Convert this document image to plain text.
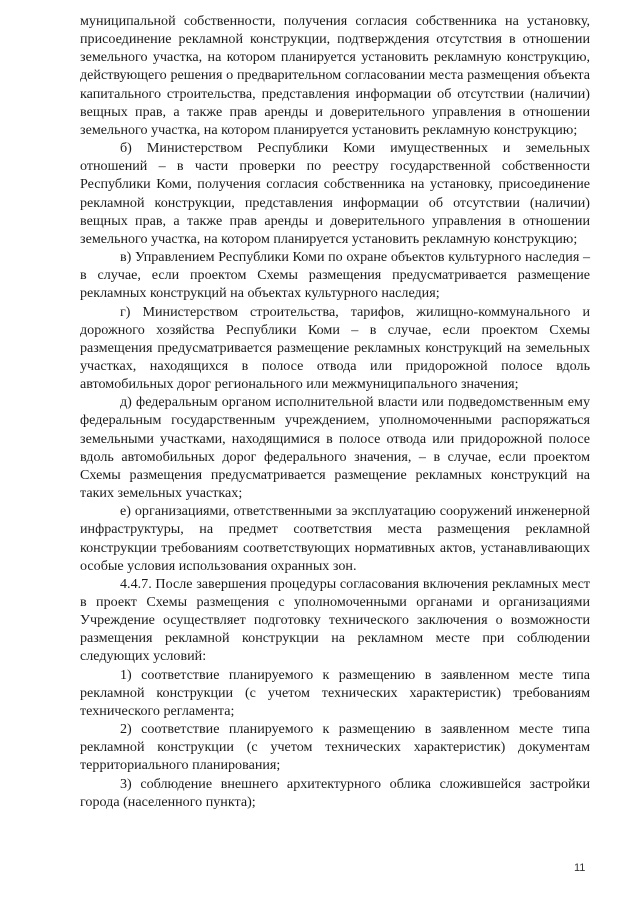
муниципальной собственности, получения согласия собственника на установку, присоединение рекламной конструкции, подтверждения отсутствия в отношении земельного участка, на котором планируется установить рекламную конструкцию, действующего решения о предварительном согласовании места размещения объекта капитального строительства, представления информации об отсутствии (наличии) вещных прав, а также прав аренды и доверительного управления в отношении земельного участка, на котором планируется установить рекламную конструкцию;

б) Министерством Республики Коми имущественных и земельных отношений – в части проверки по реестру государственной собственности Республики Коми, получения согласия собственника на установку, присоединение рекламной конструкции, представления информации об отсутствии (наличии) вещных прав, а также прав аренды и доверительного управления в отношении земельного участка, на котором планируется установить рекламную конструкцию;

в) Управлением Республики Коми по охране объектов культурного наследия – в случае, если проектом Схемы размещения предусматривается размещение рекламных конструкций на объектах культурного наследия;

г) Министерством строительства, тарифов, жилищно-коммунального и дорожного хозяйства Республики Коми – в случае, если проектом Схемы размещения предусматривается размещение рекламных конструкций на земельных участках, находящихся в полосе отвода или придорожной полосе вдоль автомобильных дорог регионального или межмуниципального значения;

д) федеральным органом исполнительной власти или подведомственным ему федеральным государственным учреждением, уполномоченными распоряжаться земельными участками, находящимися в полосе отвода или придорожной полосе вдоль автомобильных дорог федерального значения, – в случае, если проектом Схемы размещения предусматривается размещение рекламных конструкций на таких земельных участках;

е) организациями, ответственными за эксплуатацию сооружений инженерной инфраструктуры, на предмет соответствия места размещения рекламной конструкции требованиям соответствующих нормативных актов, устанавливающих особые условия использования охранных зон.

4.4.7. После завершения процедуры согласования включения рекламных мест в проект Схемы размещения с уполномоченными органами и организациями Учреждение осуществляет подготовку технического заключения о возможности размещения рекламной конструкции на рекламном месте при соблюдении следующих условий:

1) соответствие планируемого к размещению в заявленном месте типа рекламной конструкции (с учетом технических характеристик) требованиям технического регламента;

2) соответствие планируемого к размещению в заявленном месте типа рекламной конструкции (с учетом технических характеристик) документам территориального планирования;

3) соблюдение внешнего архитектурного облика сложившейся застройки города (населенного пункта);

11
